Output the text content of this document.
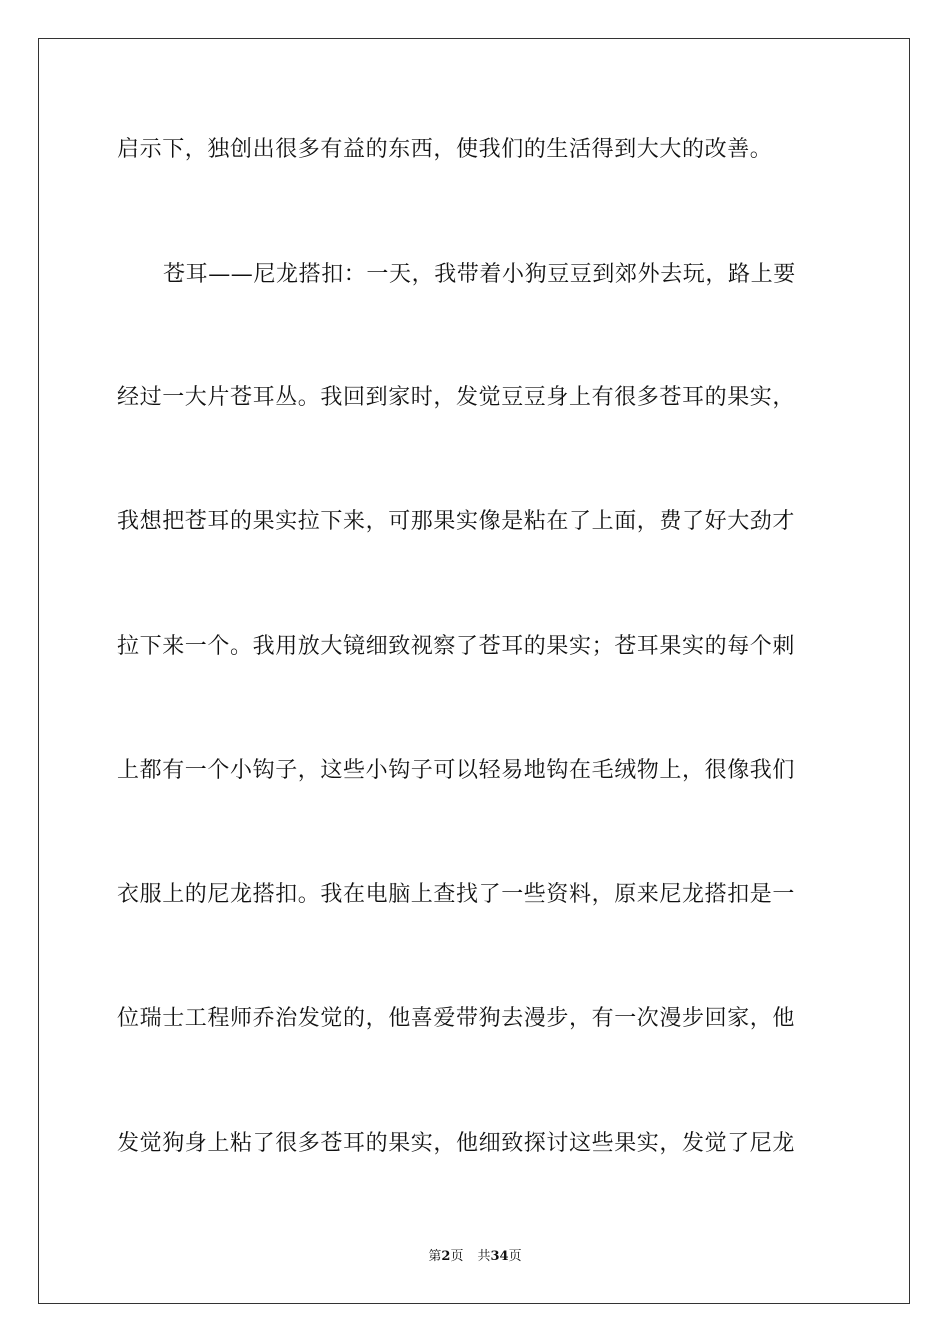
启示下，独创出很多有益的东西，使我们的生活得到大大的改善。
苍耳——尼龙搭扣：一天，我带着小狗豆豆到郊外去玩，路上要
经过一大片苍耳丛。我回到家时，发觉豆豆身上有很多苍耳的果实，
我想把苍耳的果实拉下来，可那果实像是粘在了上面，费了好大劲才
拉下来一个。我用放大镜细致视察了苍耳的果实；苍耳果实的每个刺
上都有一个小钩子，这些小钩子可以轻易地钩在毛绒物上，很像我们
衣服上的尼龙搭扣。我在电脑上查找了一些资料，原来尼龙搭扣是一
位瑞士工程师乔治发觉的，他喜爱带狗去漫步，有一次漫步回家，他
发觉狗身上粘了很多苍耳的果实，他细致探讨这些果实，发觉了尼龙
第2页 共34页
